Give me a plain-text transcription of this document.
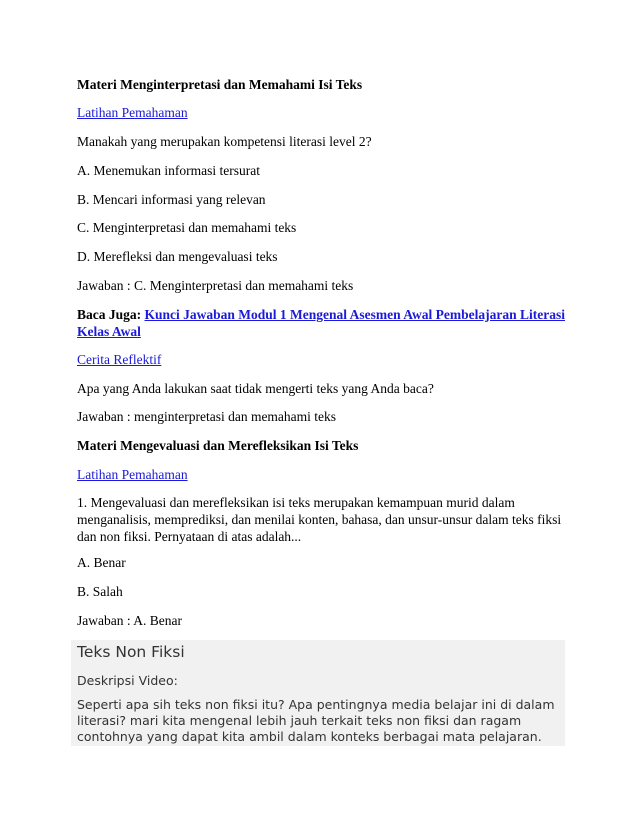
Materi Menginterpretasi dan Memahami Isi Teks
Latihan Pemahaman
Manakah yang merupakan kompetensi literasi level 2?
A. Menemukan informasi tersurat
B. Mencari informasi yang relevan
C. Menginterpretasi dan memahami teks
D. Merefleksi dan mengevaluasi teks
Jawaban : C. Menginterpretasi dan memahami teks
Baca Juga: Kunci Jawaban Modul 1 Mengenal Asesmen Awal Pembelajaran Literasi Kelas Awal
Cerita Reflektif
Apa yang Anda lakukan saat tidak mengerti teks yang Anda baca?
Jawaban : menginterpretasi dan memahami teks
Materi Mengevaluasi dan Merefleksikan Isi Teks
Latihan Pemahaman
1. Mengevaluasi dan merefleksikan isi teks merupakan kemampuan murid dalam menganalisis, memprediksi, dan menilai konten, bahasa, dan unsur-unsur dalam teks fiksi dan non fiksi. Pernyataan di atas adalah...
A. Benar
B. Salah
Jawaban : A. Benar
Teks Non Fiksi
Deskripsi Video:
Seperti apa sih teks non fiksi itu? Apa pentingnya media belajar ini di dalam literasi? mari kita mengenal lebih jauh terkait teks non fiksi dan ragam contohnya yang dapat kita ambil dalam konteks berbagai mata pelajaran.
